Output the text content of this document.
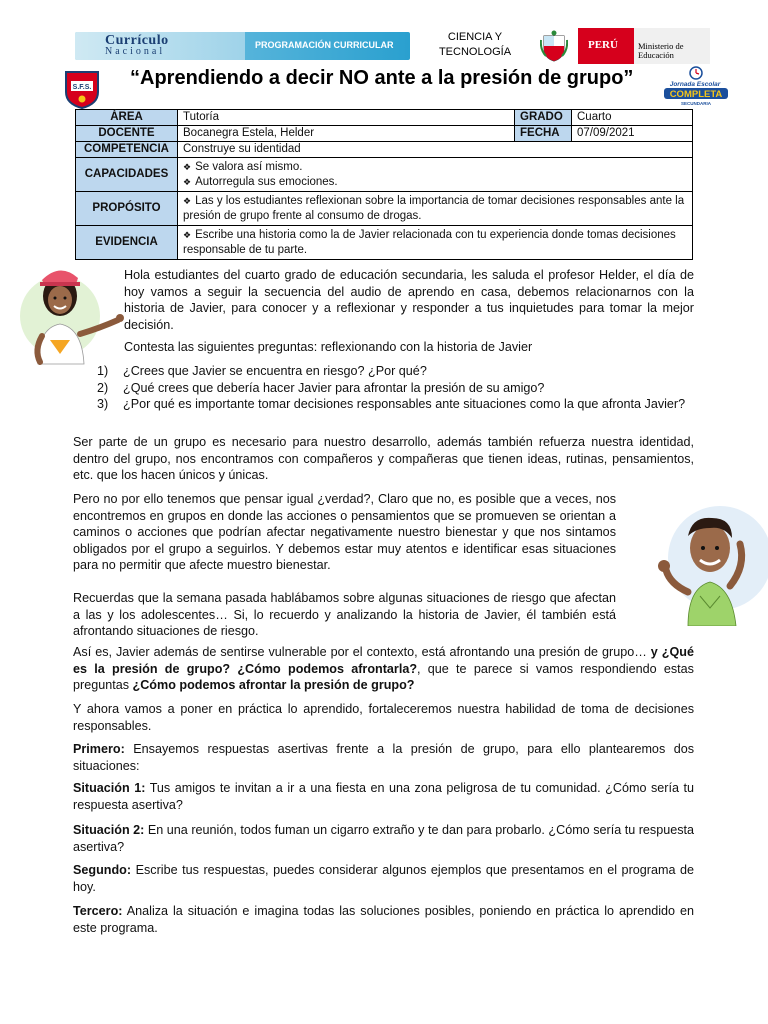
Currículo
Nacional
PROGRAMACIÓN CURRICULAR
CIENCIA Y
TECNOLOGÍA
PERÚ Ministerio de
Educación
S.F.S. “Aprendiendo a decir NO ante a la presión de grupo”	Jornada Escolar
COMPLETA
SECUNDARIA
ÁREA	Tutoría	GRADO	Cuarto
DOCENTE	Bocanegra Estela, Helder	FECHA	07/09/2021
COMPETENCIA	Construye su identidad		
CAPACIDADES	❖ Se valora así mismo.
❖ Autorregula sus emociones.

PROPÓSITO	❖ Las y los estudiantes reflexionan sobre la importancia de tomar decisiones responsables ante la presión de grupo frente al consumo de drogas.

EVIDENCIA	❖ Escribe una historia como la de Javier relacionada con tu experiencia donde tomas decisiones responsable de tu parte.

Hola estudiantes del cuarto grado de educación secundaria, les saluda el profesor Helder, el día de hoy vamos a seguir la secuencia del audio de aprendo en casa, debemos relacionarnos con la historia de Javier, para conocer y a reflexionar y responder a tus inquietudes para tomar la mejor decisión.

Contesta las siguientes preguntas: reflexionando con la historia de Javier

1) ¿Crees que Javier se encuentra en riesgo? ¿Por qué?
2) ¿Qué crees que debería hacer Javier para afrontar la presión de su amigo?
3) ¿Por qué es importante tomar decisiones responsables ante situaciones como la que afronta Javier?

Ser parte de un grupo es necesario para nuestro desarrollo, además también refuerza nuestra identidad, dentro del grupo, nos encontramos con compañeros y compañeras que tienen ideas, rutinas, pensamientos, etc. que los hacen únicos y únicas.

Pero no por ello tenemos que pensar igual ¿verdad?, Claro que no, es posible que a veces, nos encontremos en grupos en donde las acciones o pensamientos que se promueven se orientan a caminos o acciones que podrían afectar negativamente nuestro bienestar y que nos sintamos obligados por el grupo a seguirlos. Y debemos estar muy atentos e identificar esas situaciones para no permitir que afecte muestro bienestar.

Recuerdas que la semana pasada hablábamos sobre algunas situaciones de riesgo que afectan a las y los adolescentes… Si, lo recuerdo y analizando la historia de Javier, él también está afrontando situaciones de riesgo.

Así es, Javier además de sentirse vulnerable por el contexto, está afrontando una presión de grupo… y ¿Qué es la presión de grupo? ¿Cómo podemos afrontarla?, que te parece si vamos respondiendo estas preguntas ¿Cómo podemos afrontar la presión de grupo?

Y ahora vamos a poner en práctica lo aprendido, fortaleceremos nuestra habilidad de toma de decisiones responsables.

Primero: Ensayemos respuestas asertivas frente a la presión de grupo, para ello plantearemos dos situaciones:

Situación 1: Tus amigos te invitan a ir a una fiesta en una zona peligrosa de tu comunidad. ¿Cómo sería tu respuesta asertiva?

Situación 2: En una reunión, todos fuman un cigarro extraño y te dan para probarlo. ¿Cómo sería tu respuesta asertiva?

Segundo: Escribe tus respuestas, puedes considerar algunos ejemplos que presentamos en el programa de hoy.

Tercero: Analiza la situación e imagina todas las soluciones posibles, poniendo en práctica lo aprendido en este programa.
